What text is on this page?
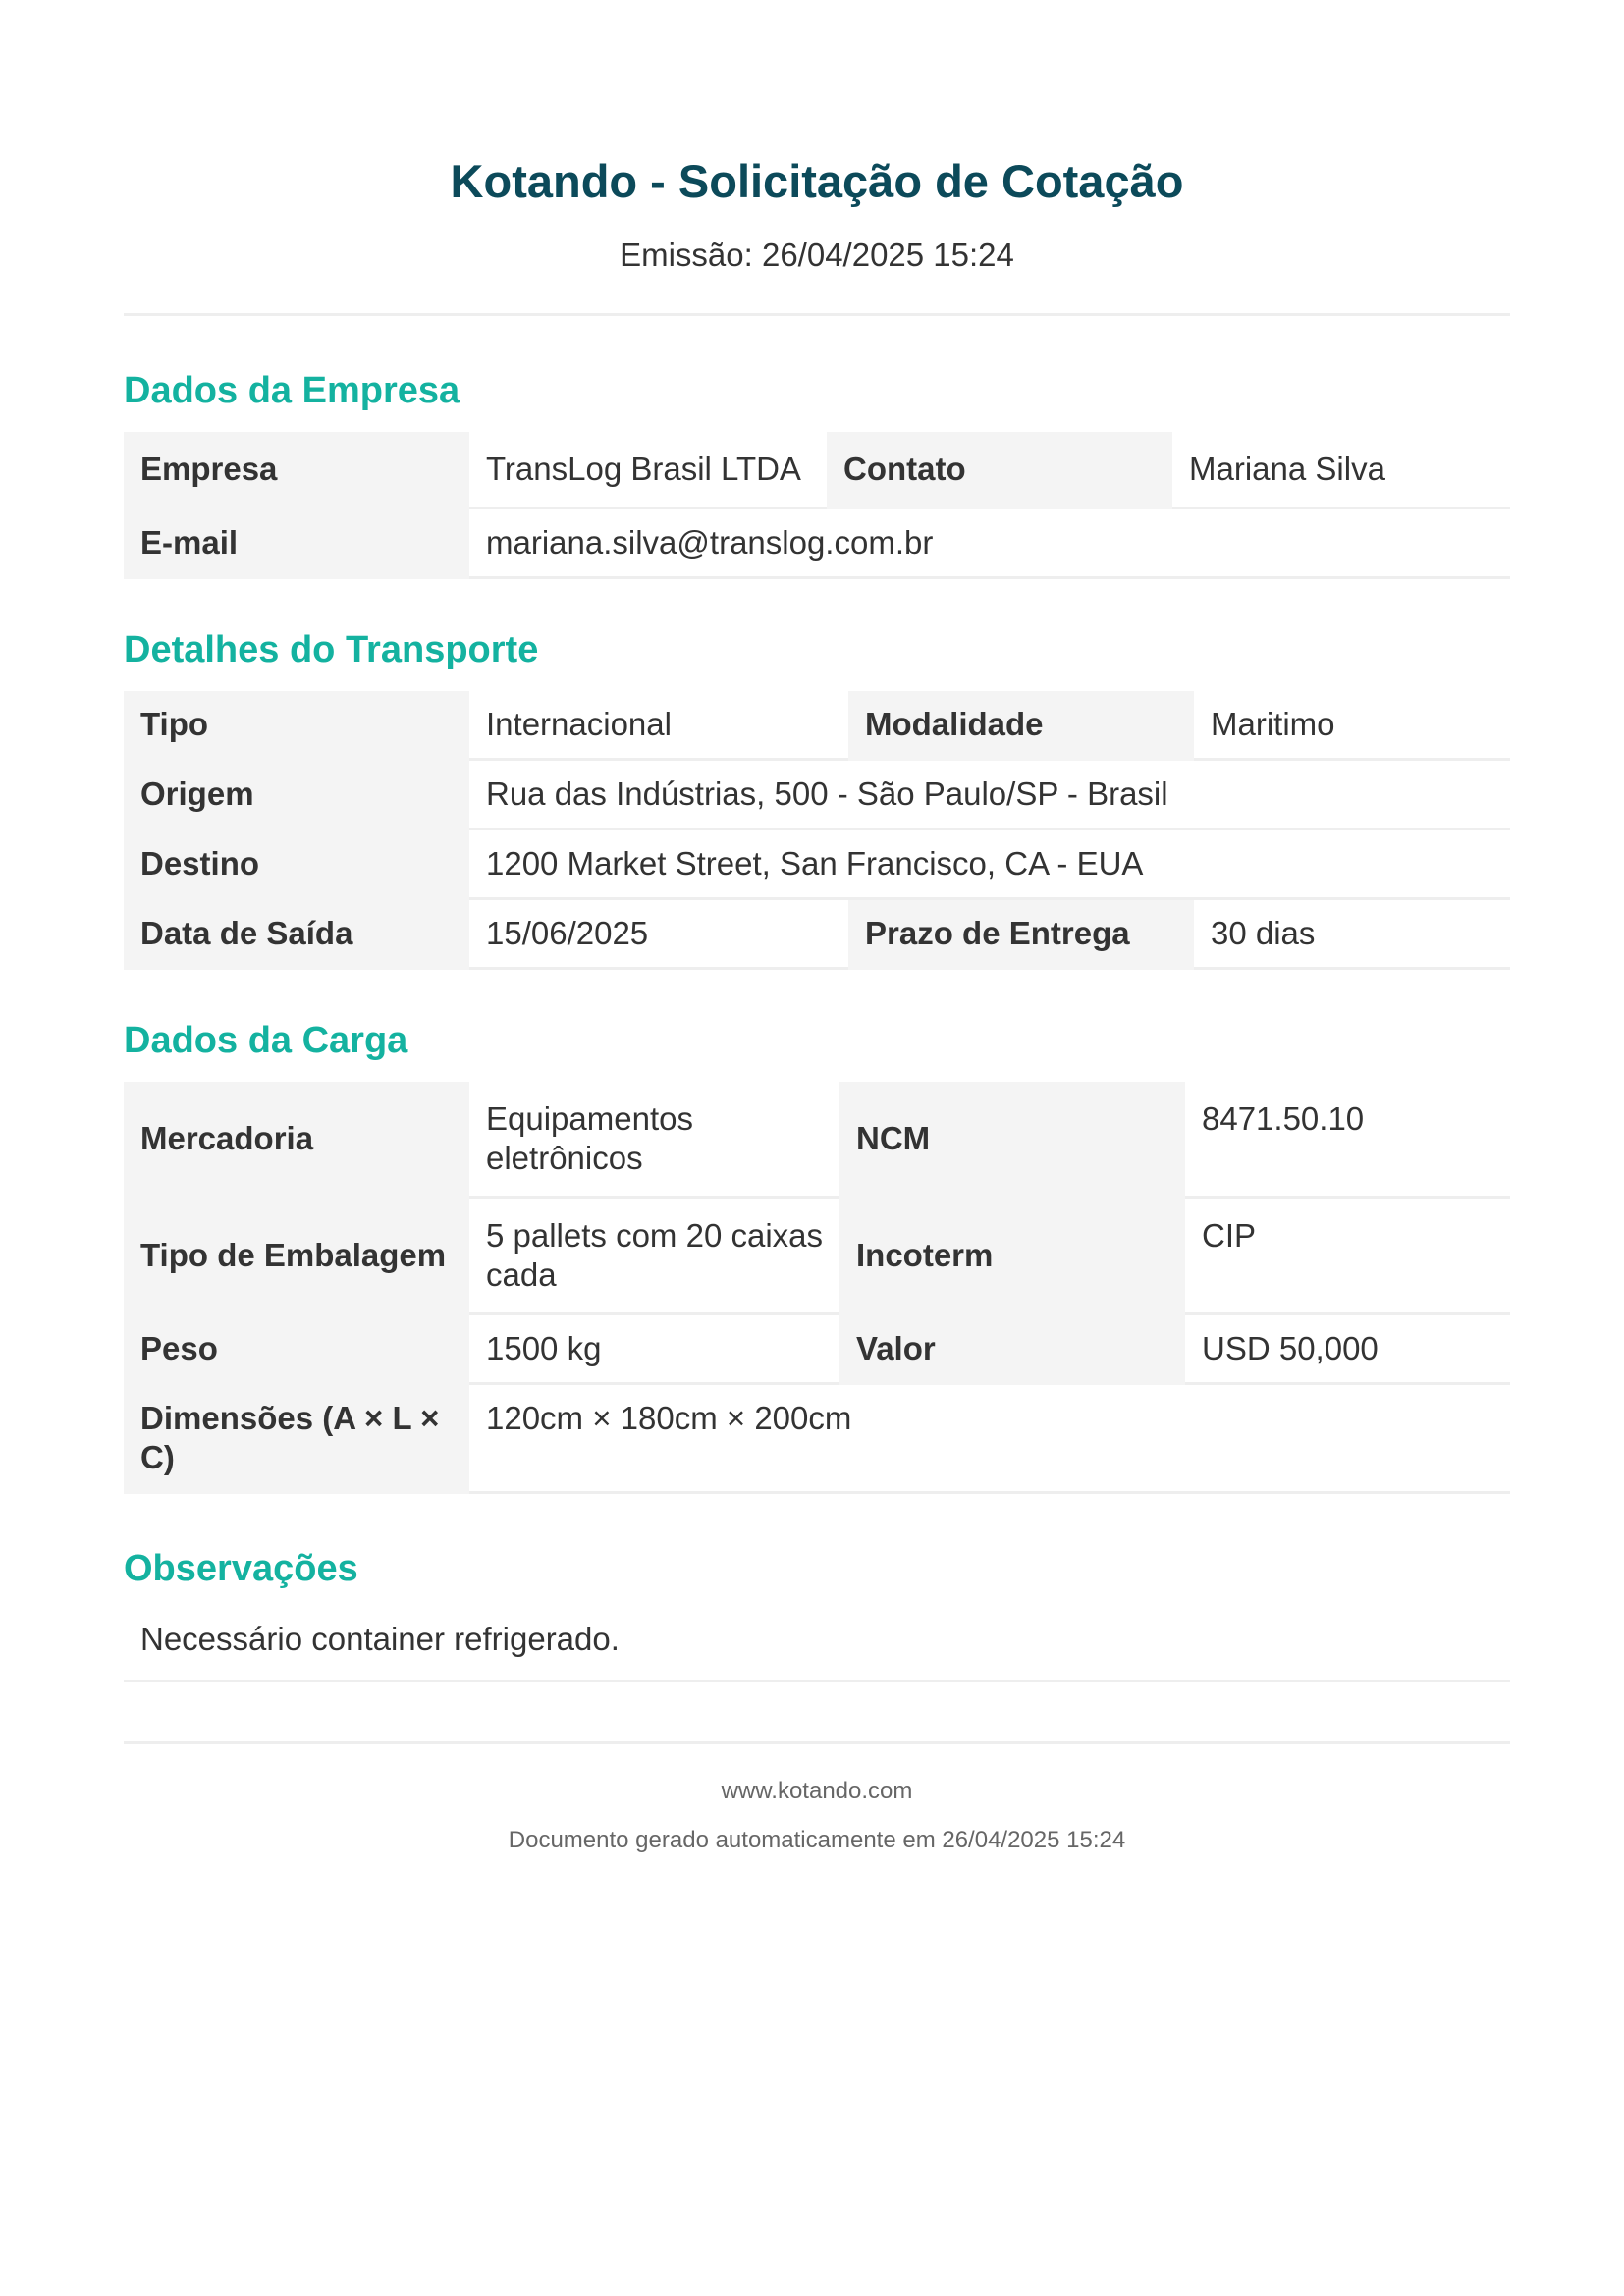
Kotando - Solicitação de Cotação
Emissão: 26/04/2025 15:24
Dados da Empresa
Empresa	TransLog Brasil LTDA	Contato	Mariana Silva
E-mail	mariana.silva@translog.com.br		
Detalhes do Transporte
Tipo	Internacional	Modalidade	Maritimo
Origem	Rua das Indústrias, 500 - São Paulo/SP - Brasil		
Destino	1200 Market Street, San Francisco, CA - EUA		
Data de Saída	15/06/2025	Prazo de Entrega	30 dias
Dados da Carga
Mercadoria	Equipamentos eletrônicos	NCM	8471.50.10
Tipo de Embalagem	5 pallets com 20 caixas cada	Incoterm	CIP
Peso	1500 kg	Valor	USD 50,000
Dimensões (A × L × C)	120cm × 180cm × 200cm		
Observações
Necessário container refrigerado.
www.kotando.com
Documento gerado automaticamente em 26/04/2025 15:24
